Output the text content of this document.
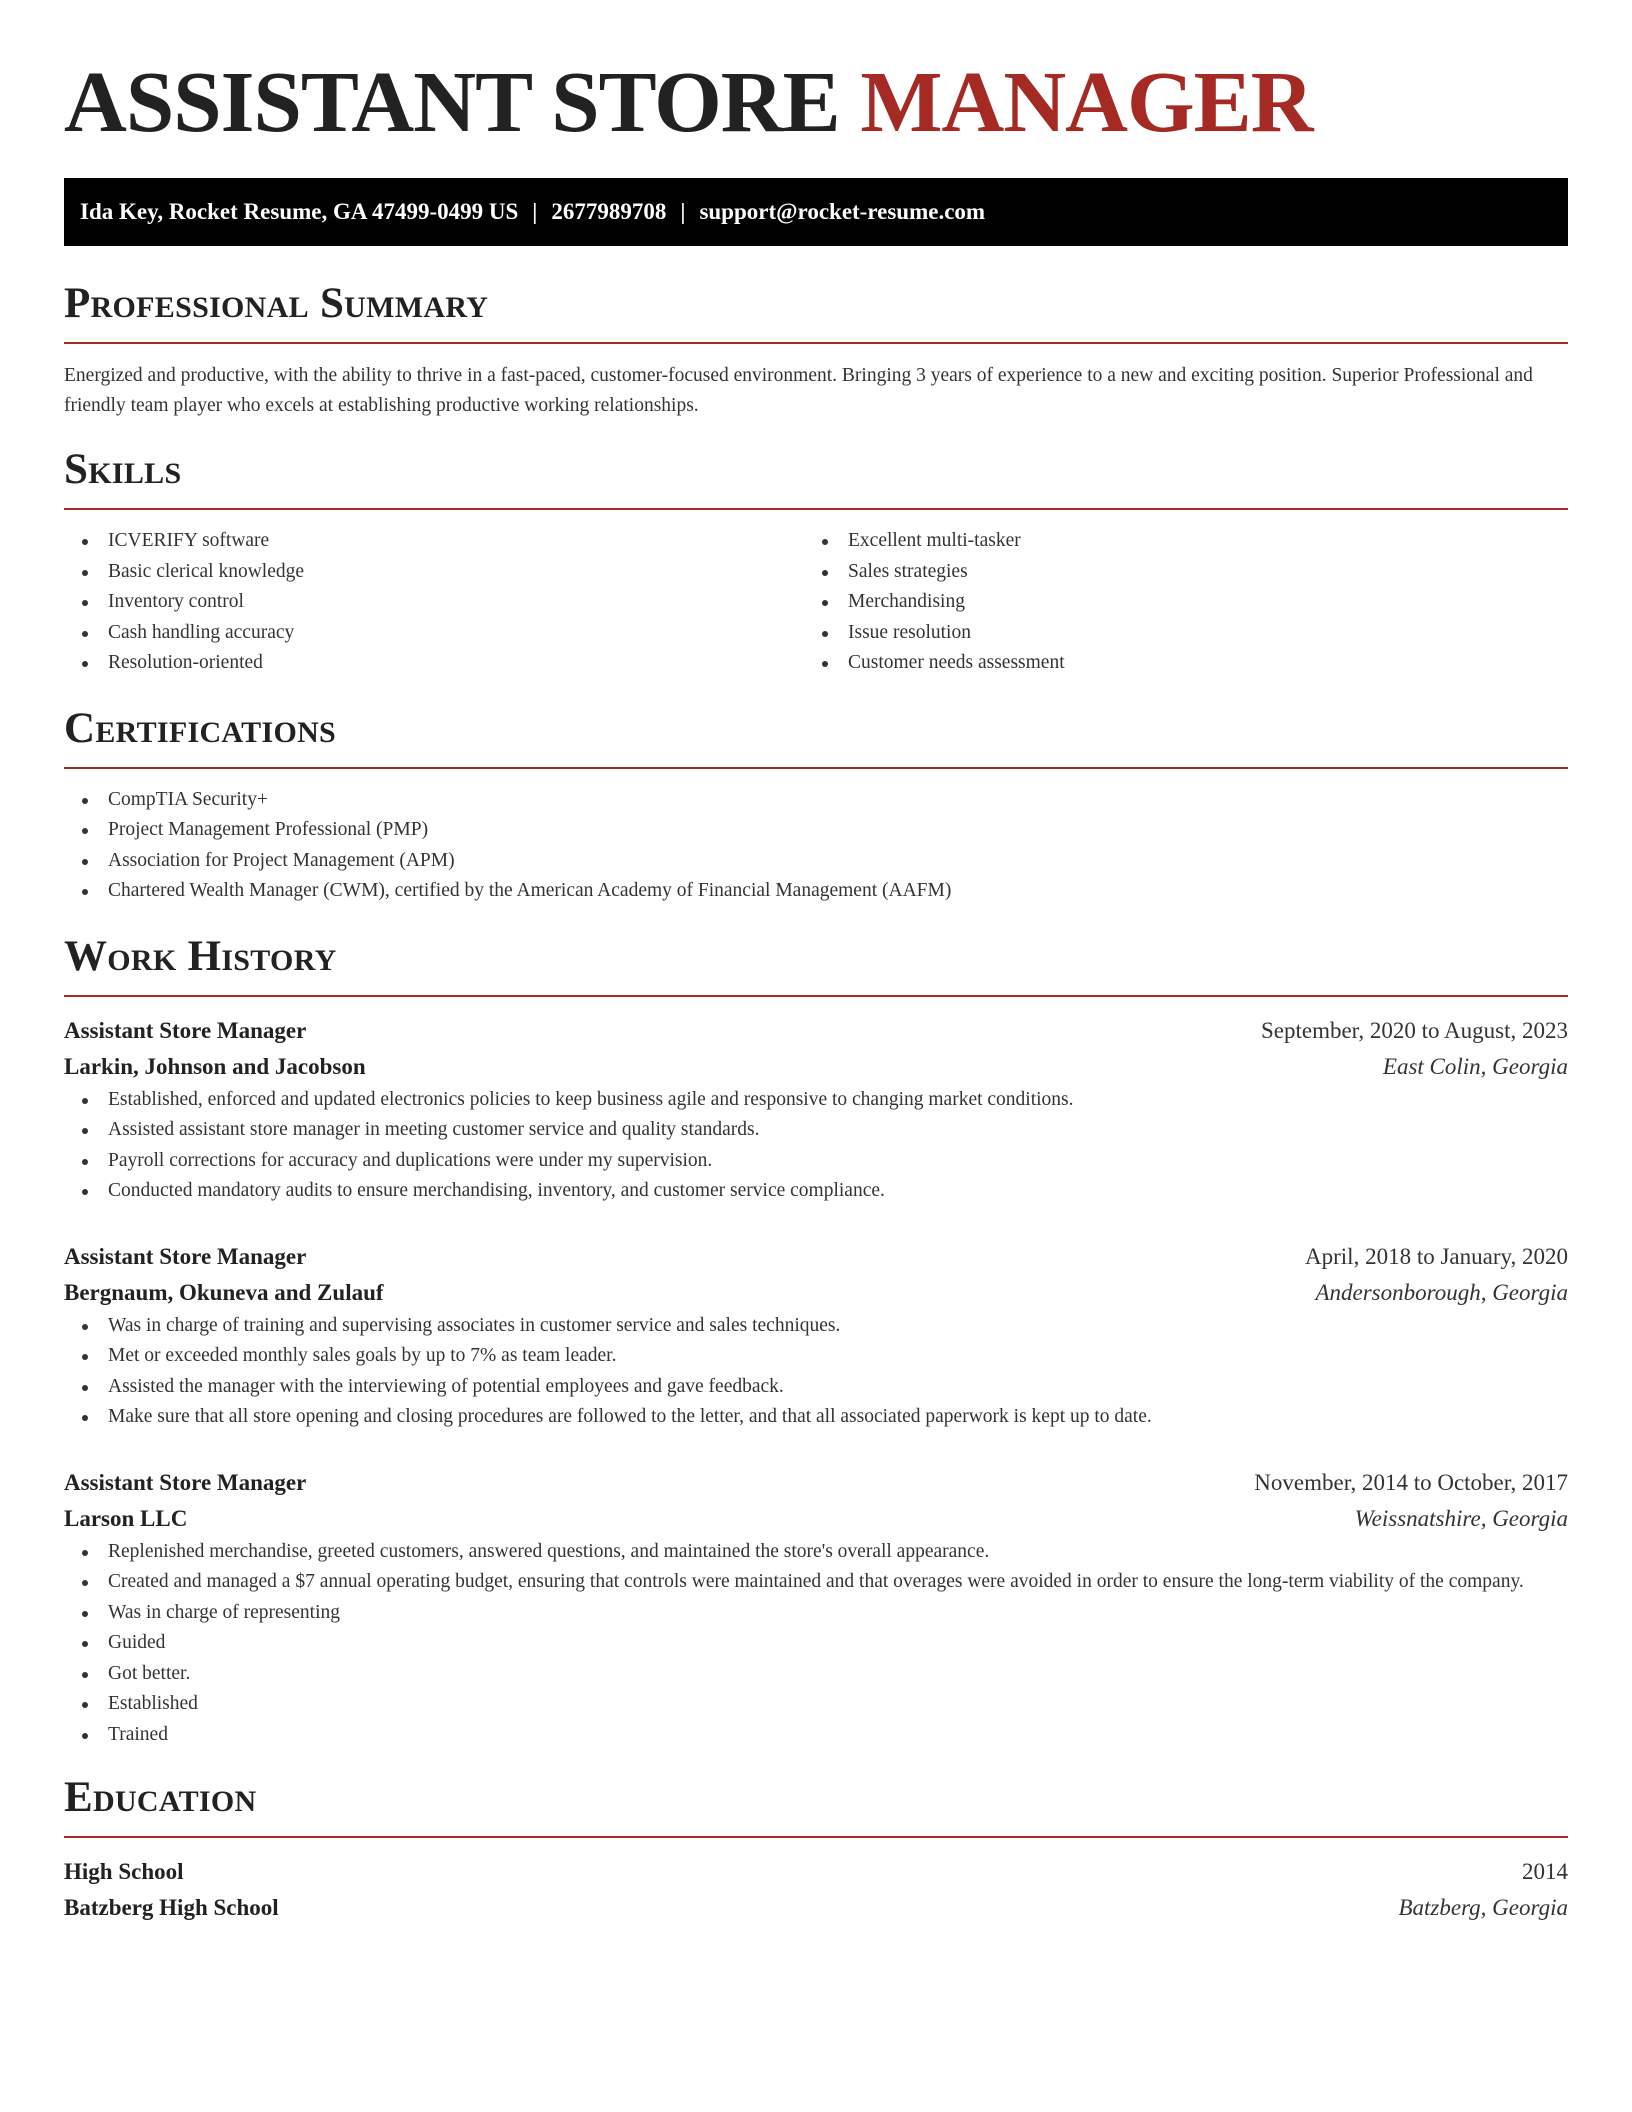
ASSISTANT STORE MANAGER
Ida Key, Rocket Resume, GA 47499-0499 US | 2677989708 | support@rocket-resume.com
Professional Summary

Energized and productive, with the ability to thrive in a fast-paced, customer-focused environment. Bringing 3 years of experience to a new and exciting position. Superior Professional and friendly team player who excels at establishing productive working relationships.

Skills
ICVERIFY software
Basic clerical knowledge
Inventory control
Cash handling accuracy
Resolution-oriented
Excellent multi-tasker
Sales strategies
Merchandising
Issue resolution
Customer needs assessment
Certifications
CompTIA Security+
Project Management Professional (PMP)
Association for Project Management (APM)
Chartered Wealth Manager (CWM), certified by the American Academy of Financial Management (AAFM)
Work History
Assistant Store Manager	September, 2020 to August, 2023
Larkin, Johnson and Jacobson	East Colin, Georgia
Established, enforced and updated electronics policies to keep business agile and responsive to changing market conditions.
Assisted assistant store manager in meeting customer service and quality standards.
Payroll corrections for accuracy and duplications were under my supervision.
Conducted mandatory audits to ensure merchandising, inventory, and customer service compliance.
Assistant Store Manager	April, 2018 to January, 2020
Bergnaum, Okuneva and Zulauf	Andersonborough, Georgia
Was in charge of training and supervising associates in customer service and sales techniques.
Met or exceeded monthly sales goals by up to 7% as team leader.
Assisted the manager with the interviewing of potential employees and gave feedback.
Make sure that all store opening and closing procedures are followed to the letter, and that all associated paperwork is kept up to date.
Assistant Store Manager	November, 2014 to October, 2017
Larson LLC	Weissnatshire, Georgia
Replenished merchandise, greeted customers, answered questions, and maintained the store's overall appearance.
Created and managed a $7 annual operating budget, ensuring that controls were maintained and that overages were avoided in order to ensure the long-term viability of the company.
Was in charge of representing
Guided
Got better.
Established
Trained
Education
High School	2014
Batzberg High School	Batzberg, Georgia
